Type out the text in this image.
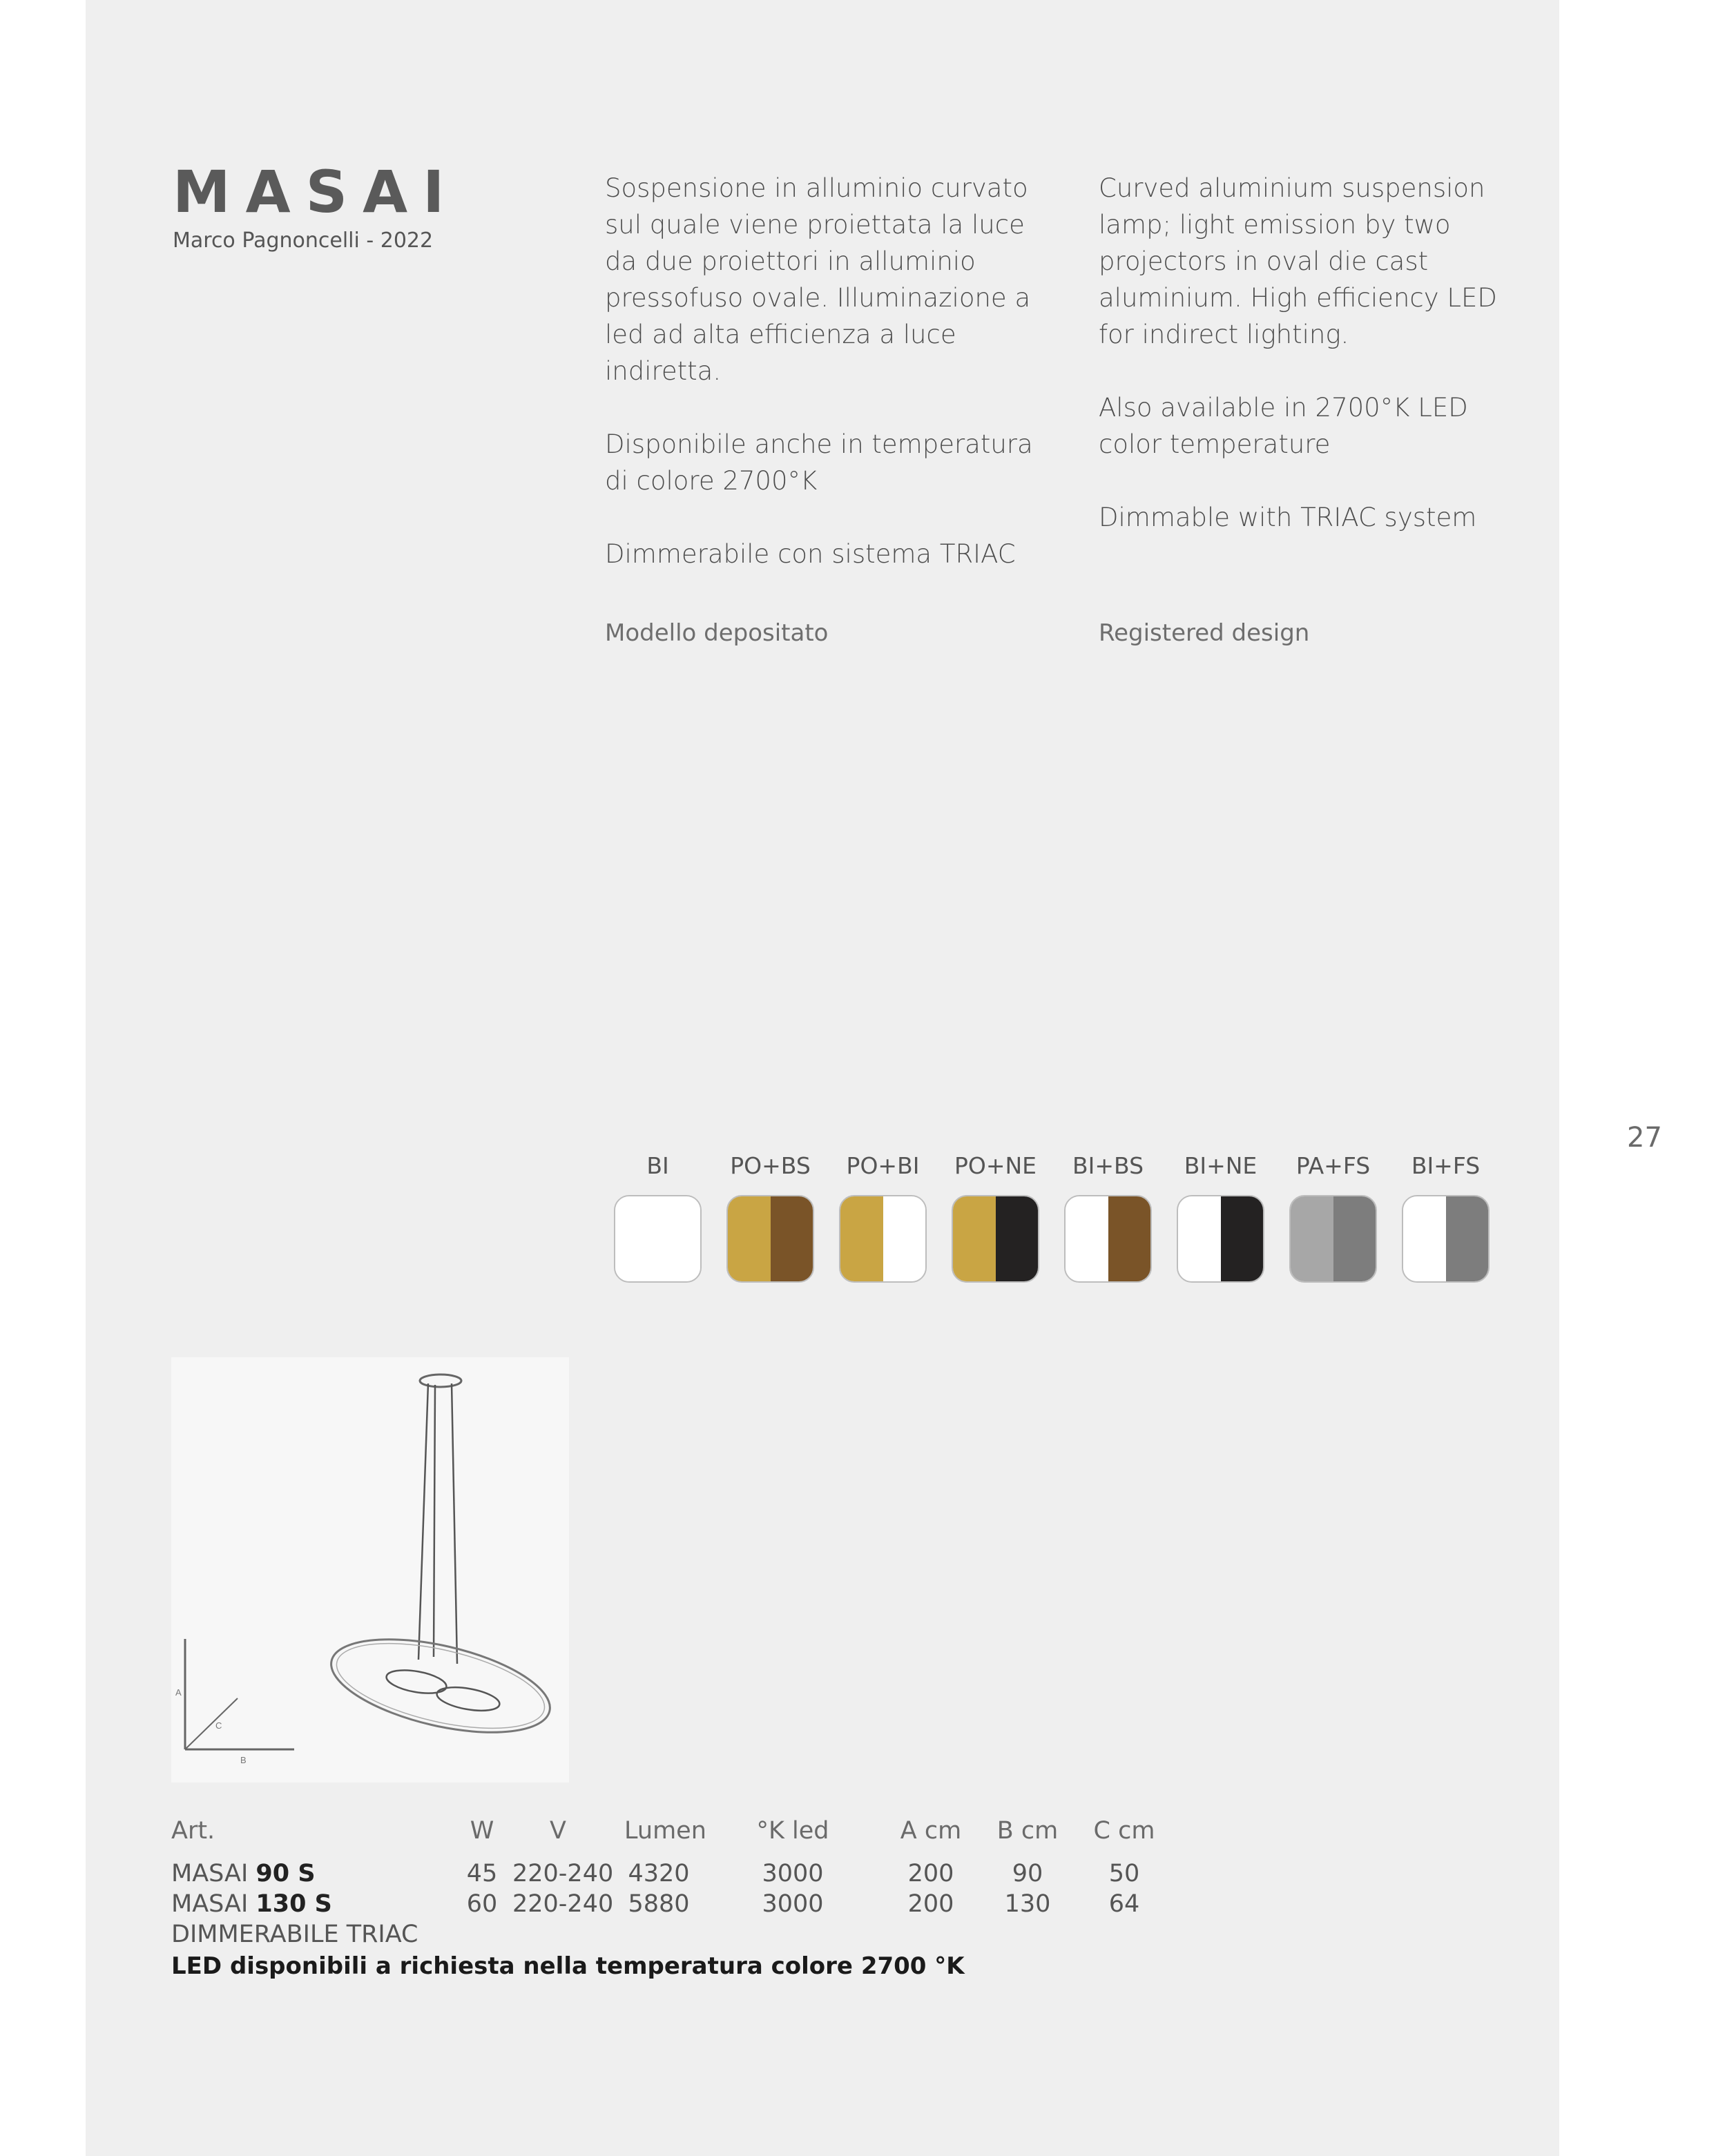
MASAI
Marco Pagnoncelli - 2022

Sospensione in alluminio curvato sul quale viene proiettata la luce da due proiettori in alluminio pressofuso ovale. Illuminazione a led ad alta efficienza a luce indiretta.

Disponibile anche in temperatura di colore 2700°K

Dimmerabile con sistema TRIAC

Curved aluminium suspension lamp; light emission by two projectors in oval die cast aluminium. High efficiency LED for indirect lighting.

Also available in 2700°K LED color temperature

Dimmable with TRIAC system

Modello depositato	Registered design
27
BI	PO+BS PO+BI PO+NE BI+BS BI+NE PA+FS BI+FS
A
B
C
Art.	W	V	Lumen °K led	A cm B cm C cm
MASAI 90 S	45 220-240 4320	3000	200	90	50
MASAI 130 S	60 220-240 5880	3000	200	130	64
DIMMERABILE TRIAC
LED disponibili a richiesta nella temperatura colore 2700 °K
